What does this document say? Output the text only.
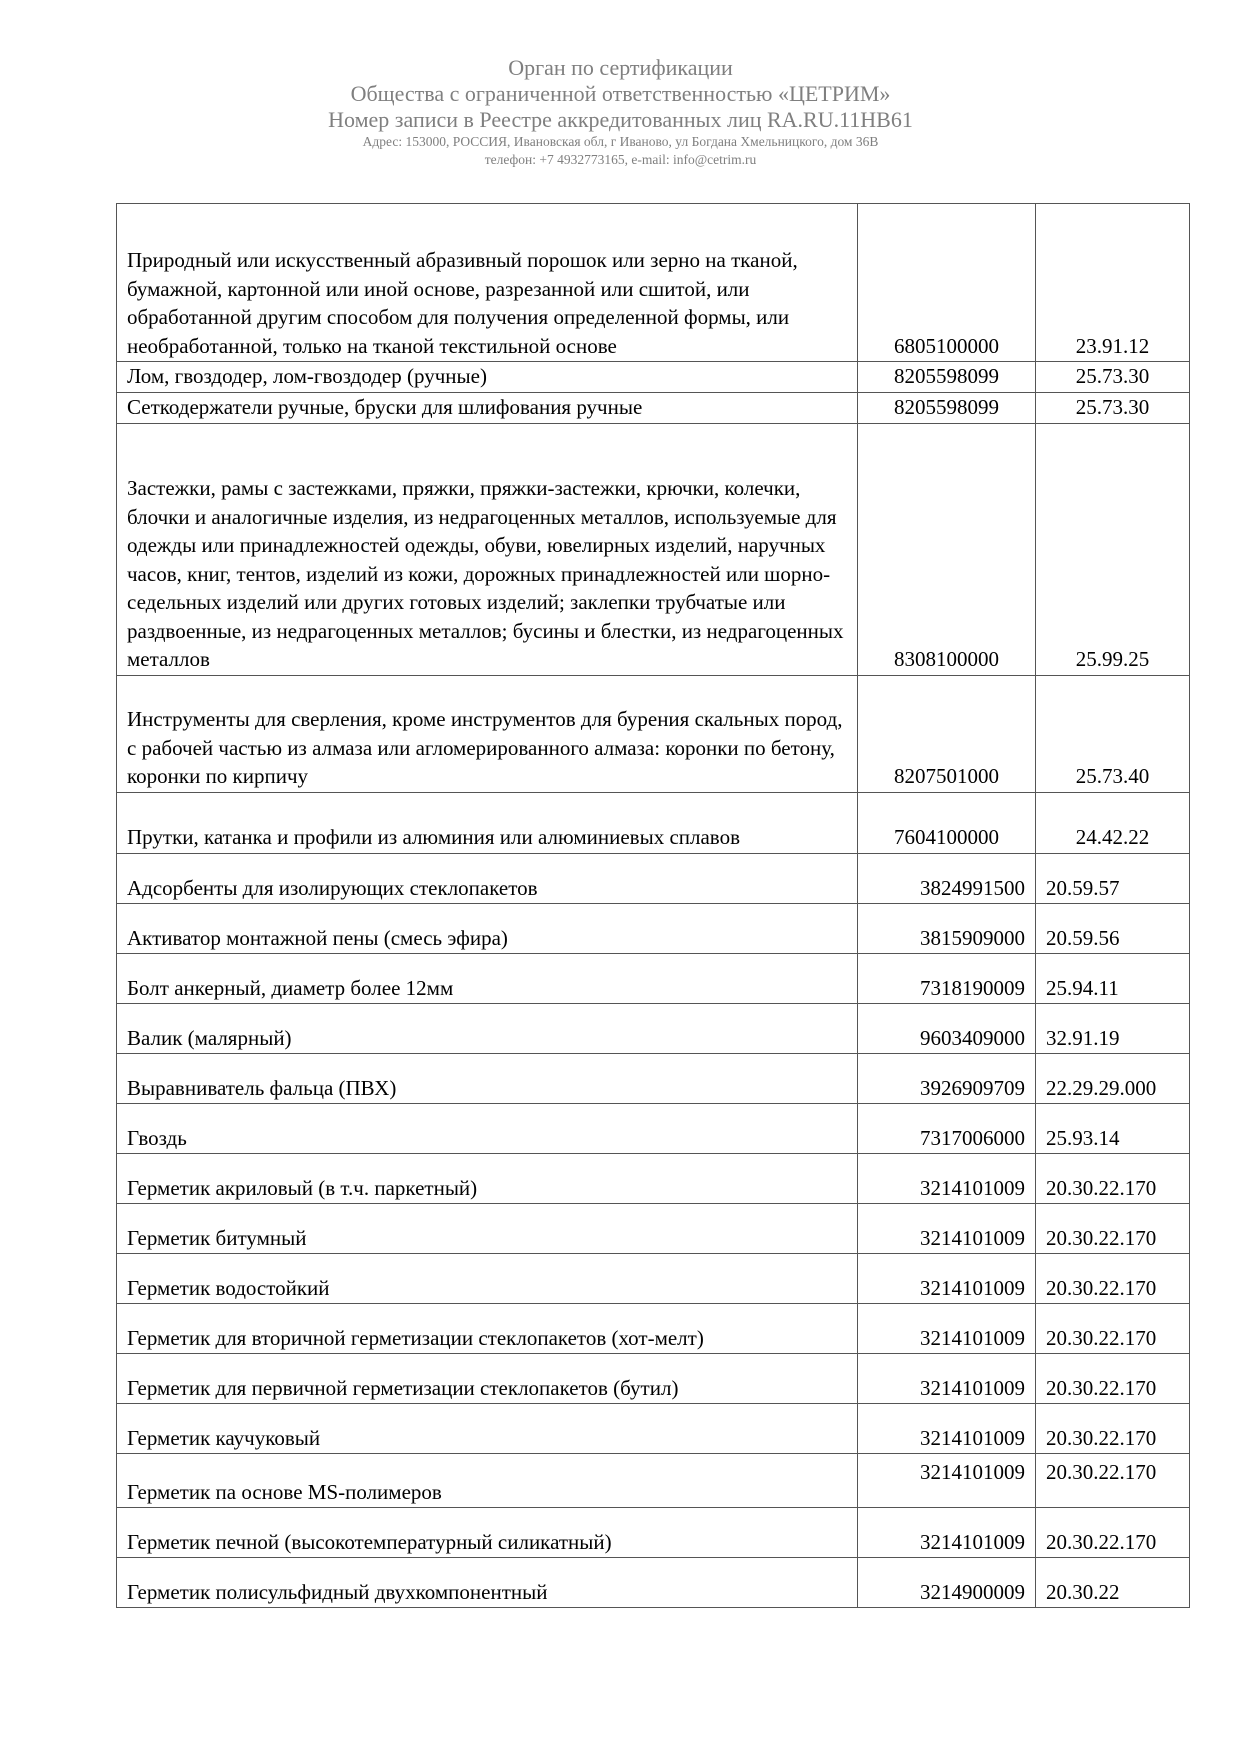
Орган по сертификации
Общества с ограниченной ответственностью «ЦЕТРИМ»
Номер записи в Реестре аккредитованных лиц RA.RU.11НВ61
Адрес: 153000, РОССИЯ, Ивановская обл, г Иваново, ул Богдана Хмельницкого, дом 36В
телефон: +7 4932773165, e-mail: info@cetrim.ru
Природный или искусственный абразивный порошок или зерно на тканой, бумажной, картонной или иной основе, разрезанной или сшитой, или обработанной другим способом для получения определенной формы, или необработанной, только на тканой текстильной основе	6805100000	23.91.12
Лом, гвоздодер, лом-гвоздодер (ручные)	8205598099	25.73.30
Сеткодержатели ручные, бруски для шлифования ручные	8205598099	25.73.30
Застежки, рамы с застежками, пряжки, пряжки-застежки, крючки, колечки, блочки и аналогичные изделия, из недрагоценных металлов, используемые для одежды или принадлежностей одежды, обуви, ювелирных изделий, наручных часов, книг, тентов, изделий из кожи, дорожных принадлежностей или шорно-седельных изделий или других готовых изделий; заклепки трубчатые или раздвоенные, из недрагоценных металлов; бусины и блестки, из недрагоценных металлов	8308100000	25.99.25
Инструменты для сверления, кроме инструментов для бурения скальных пород, с рабочей частью из алмаза или агломерированного алмаза: коронки по бетону, коронки по кирпичу	8207501000	25.73.40
Прутки, катанка и профили из алюминия или алюминиевых сплавов	7604100000	24.42.22
Адсорбенты для изолирующих стеклопакетов	3824991500	20.59.57
Активатор монтажной пены (смесь эфира)	3815909000	20.59.56
Болт анкерный, диаметр более 12мм	7318190009	25.94.11
Валик (малярный)	9603409000	32.91.19
Выравниватель фальца (ПВХ)	3926909709	22.29.29.000
Гвоздь	7317006000	25.93.14
Герметик акриловый (в т.ч. паркетный)	3214101009	20.30.22.170
Герметик битумный	3214101009	20.30.22.170
Герметик водостойкий	3214101009	20.30.22.170
Герметик для вторичной герметизации стеклопакетов (хот-мелт)	3214101009	20.30.22.170
Герметик для первичной герметизации стеклопакетов (бутил)	3214101009	20.30.22.170
Герметик каучуковый	3214101009	20.30.22.170
Герметик па основе MS-полимеров	3214101009	20.30.22.170
Герметик печной (высокотемпературный силикатный)	3214101009	20.30.22.170
Герметик полисульфидный двухкомпонентный	3214900009	20.30.22
